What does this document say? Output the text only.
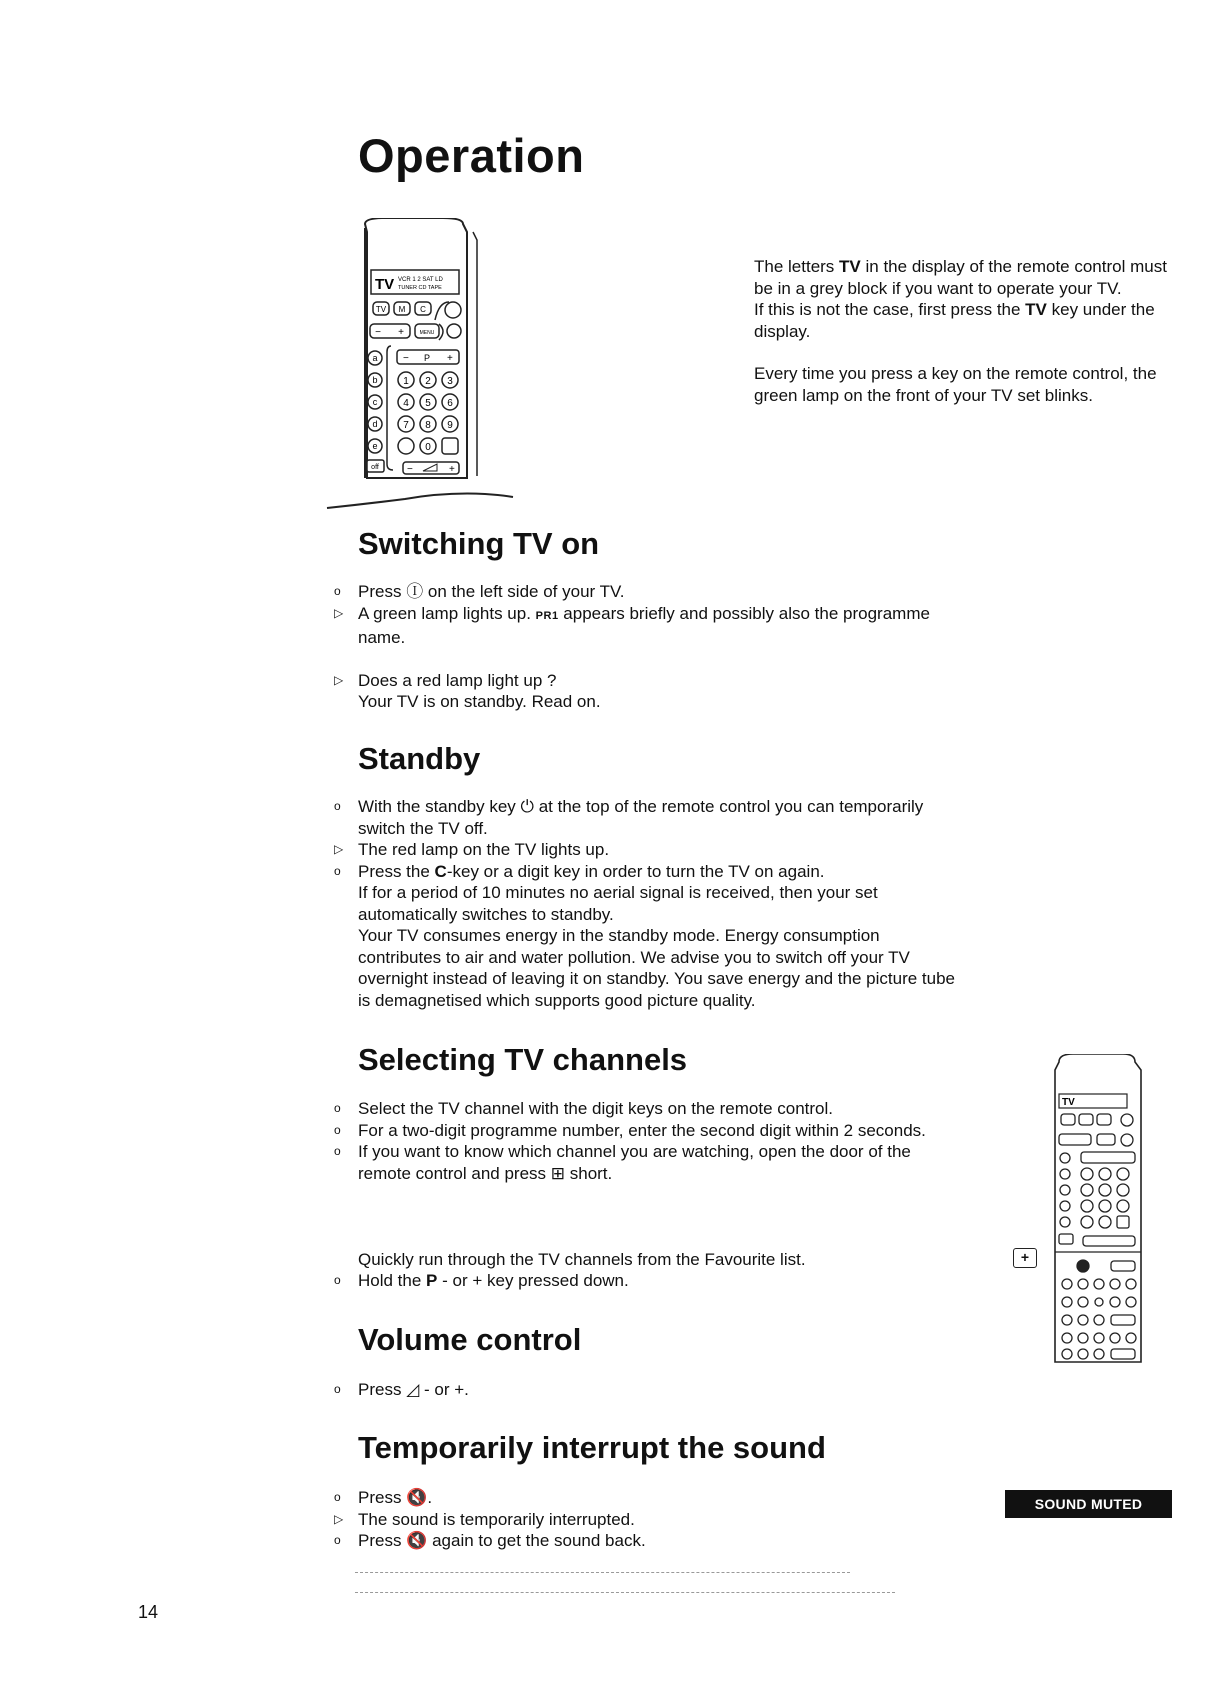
Operation
TV VCR 1 2 SAT LD
TUNER CD TAPE
TV M C
− +	MENU
a
b
c
d
e
off
− P +
1 2 3
4 5 6
7 8 9
0
−	+

The letters TV in the display of the remote control must be in a grey block if you want to operate your TV.

If this is not the case, first press the TV key under the display.

Every time you press a key on the remote control, the green lamp on the front of your TV set blinks.

Switching TV on
o	Press Ⓘ on the left side of your TV.
▷ A green lamp lights up. PR1 appears briefly and possibly also the programme name.
▷ Does a red lamp light up ?
Your TV is on standby. Read on.
Standby
o	With the standby key ⏻ at the top of the remote control you can temporarily switch the TV off.
▷ The red lamp on the TV lights up.
o	Press the C-key or a digit key in order to turn the TV on again.
If for a period of 10 minutes no aerial signal is received, then your set automatically switches to standby.
Your TV consumes energy in the standby mode. Energy consumption contributes to air and water pollution. We advise you to switch off your TV overnight instead of leaving it on standby. You save energy and the picture tube is demagnetised which supports good picture quality.
Selecting TV channels
o	Select the TV channel with the digit keys on the remote control.
o	For a two-digit programme number, enter the second digit within 2 seconds.
o	If you want to know which channel you are watching, open the door of the remote control and press ⊞ short.
Quickly run through the TV channels from the Favourite list.
o	Hold the P - or + key pressed down.
TV
+
Volume control
o	Press ◿ - or +.
Temporarily interrupt the sound
o	Press 🔇.
▷ The sound is temporarily interrupted.
o	Press 🔇 again to get the sound back.
SOUND MUTED
14
